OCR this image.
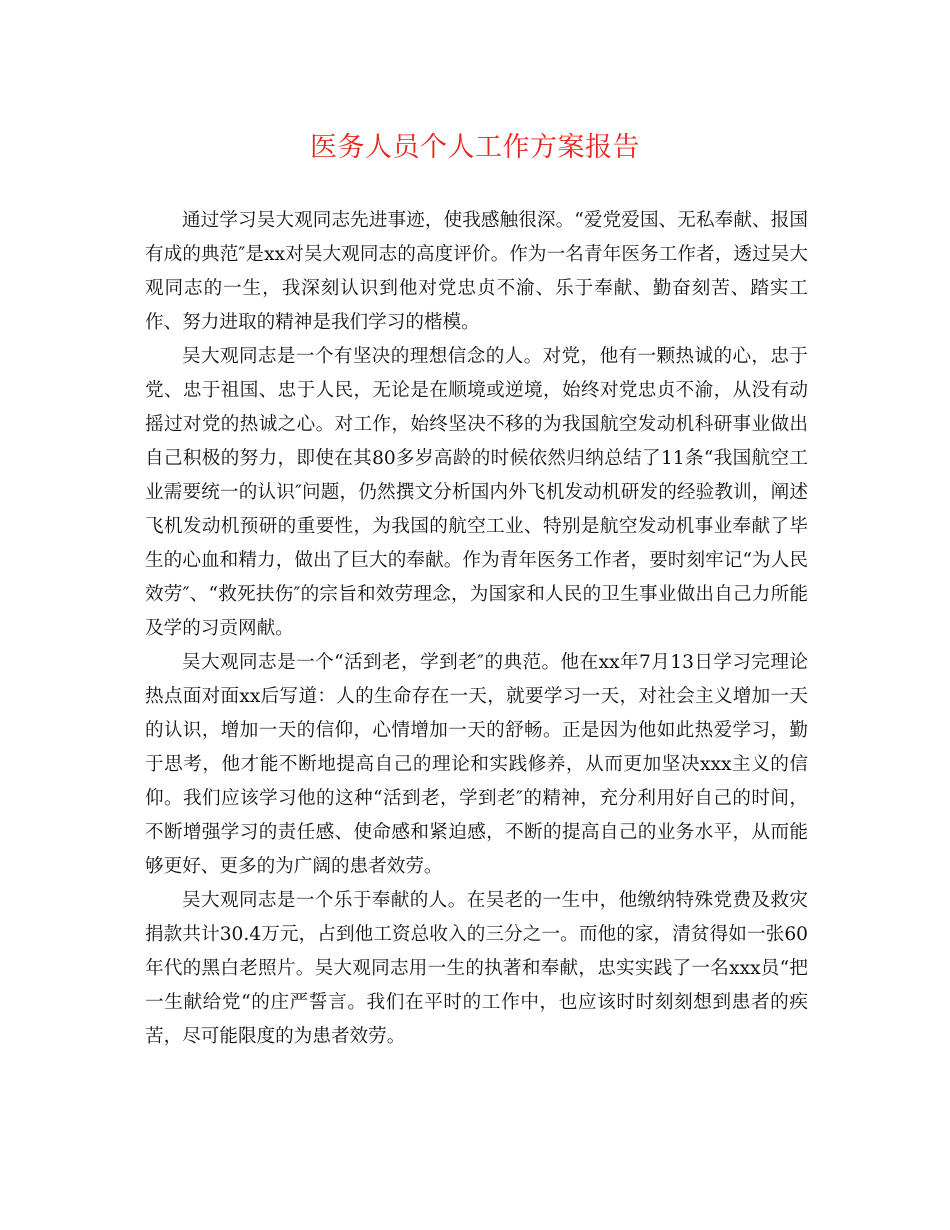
医务人员个人工作方案报告

通过学习吴大观同志先进事迹，使我感触很深。“爱党爱国、无私奉献、报国有成的典范″是xx对吴大观同志的高度评价。作为一名青年医务工作者，透过吴大观同志的一生，我深刻认识到他对党忠贞不渝、乐于奉献、勤奋刻苦、踏实工作、努力进取的精神是我们学习的楷模。

吴大观同志是一个有坚决的理想信念的人。对党，他有一颗热诚的心，忠于党、忠于祖国、忠于人民，无论是在顺境或逆境，始终对党忠贞不渝，从没有动摇过对党的热诚之心。对工作，始终坚决不移的为我国航空发动机科研事业做出自己积极的努力，即使在其80多岁高龄的时候依然归纳总结了11条“我国航空工业需要统一的认识″问题，仍然撰文分析国内外飞机发动机研发的经验教训，阐述飞机发动机预研的重要性，为我国的航空工业、特别是航空发动机事业奉献了毕生的心血和精力，做出了巨大的奉献。作为青年医务工作者，要时刻牢记“为人民效劳″、“救死扶伤″的宗旨和效劳理念，为国家和人民的卫生事业做出自己力所能及学的习贡网献。

吴大观同志是一个“活到老，学到老″的典范。他在xx年7月13日学习完理论热点面对面xx后写道：人的生命存在一天，就要学习一天，对社会主义增加一天的认识，增加一天的信仰，心情增加一天的舒畅。正是因为他如此热爱学习，勤于思考，他才能不断地提高自己的理论和实践修养，从而更加坚决xxx主义的信仰。我们应该学习他的这种“活到老，学到老″的精神，充分利用好自己的时间，不断增强学习的责任感、使命感和紧迫感，不断的提高自己的业务水平，从而能够更好、更多的为广阔的患者效劳。

吴大观同志是一个乐于奉献的人。在吴老的一生中，他缴纳特殊党费及救灾捐款共计30.4万元，占到他工资总收入的三分之一。而他的家，清贫得如一张60年代的黑白老照片。吴大观同志用一生的执著和奉献，忠实实践了一名xxx员“把一生献给党“的庄严誓言。我们在平时的工作中，也应该时时刻刻想到患者的疾苦，尽可能限度的为患者效劳。
